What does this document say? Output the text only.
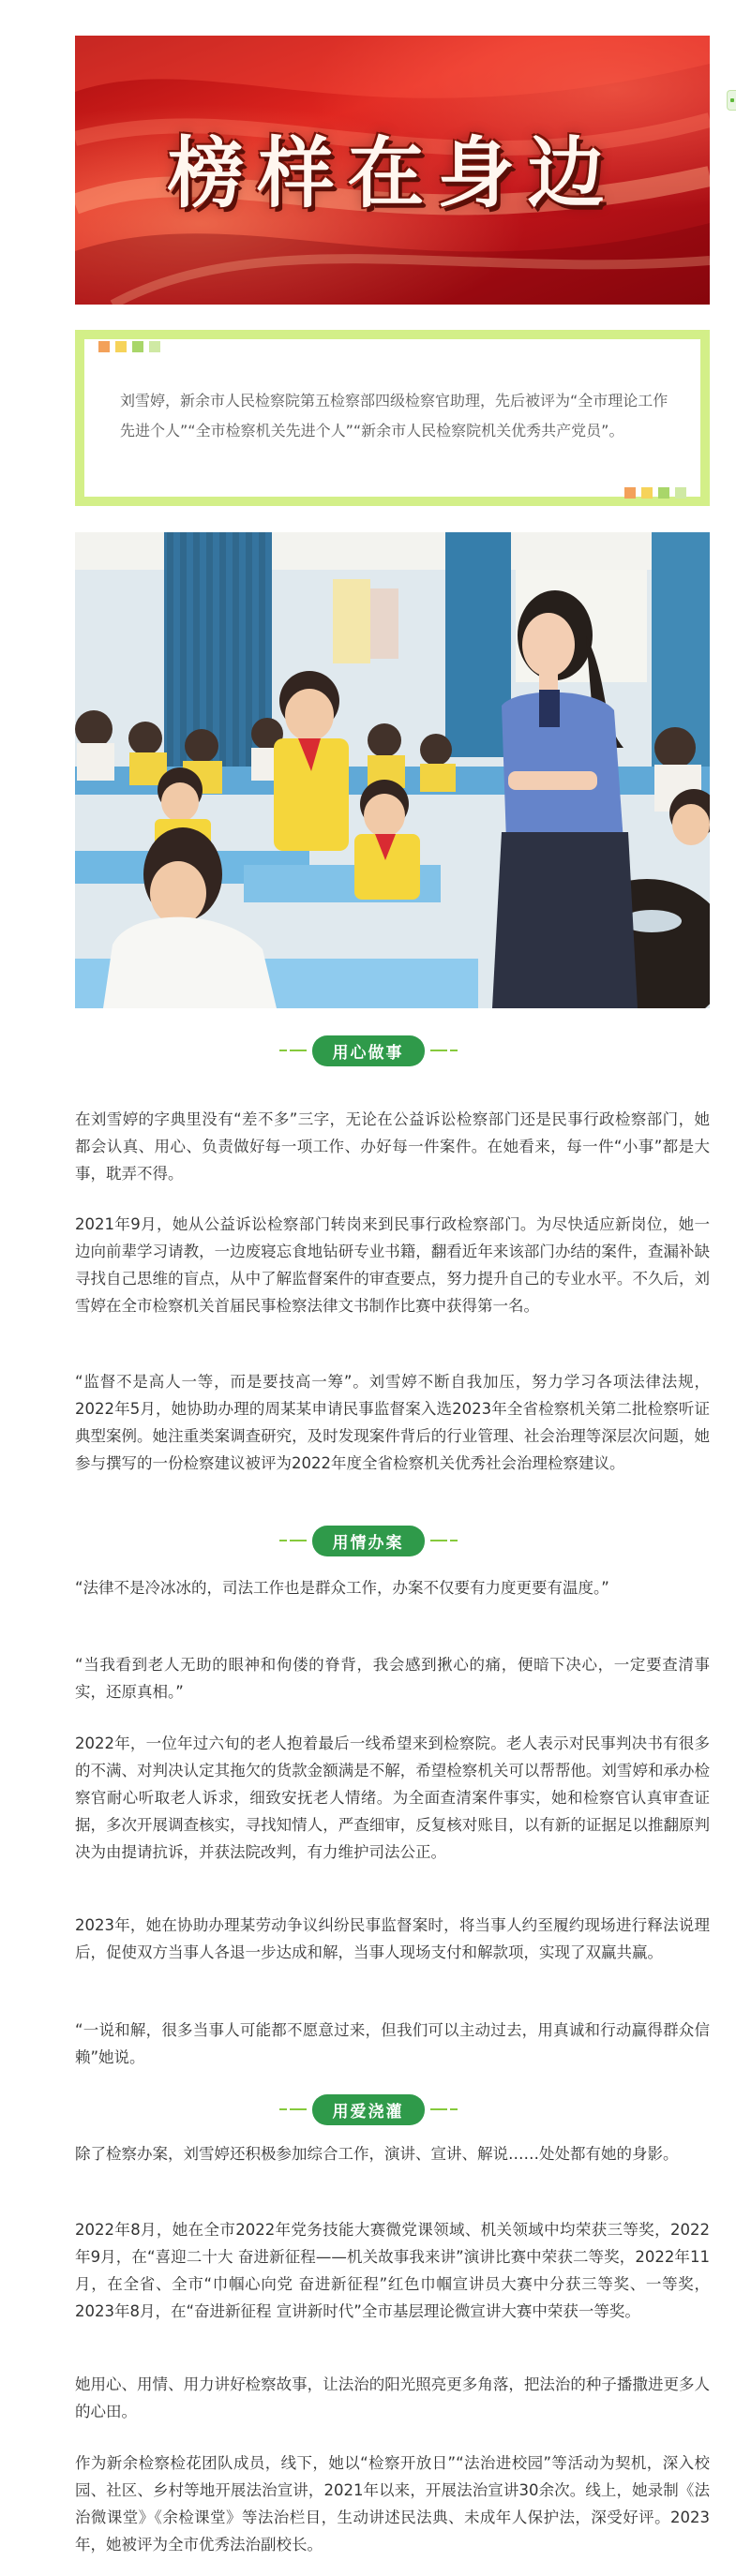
榜样在身边

刘雪婷，新余市人民检察院第五检察部四级检察官助理，先后被评为“全市理论工作先进个人”“全市检察机关先进个人”“新余市人民检察院机关优秀共产党员”。

用心做事

在刘雪婷的字典里没有“差不多”三字，无论在公益诉讼检察部门还是民事行政检察部门，她都会认真、用心、负责做好每一项工作、办好每一件案件。在她看来，每一件“小事”都是大事，耽弄不得。

2021年9月，她从公益诉讼检察部门转岗来到民事行政检察部门。为尽快适应新岗位，她一边向前辈学习请教，一边废寝忘食地钻研专业书籍，翻看近年来该部门办结的案件，查漏补缺寻找自己思维的盲点，从中了解监督案件的审查要点，努力提升自己的专业水平。不久后，刘雪婷在全市检察机关首届民事检察法律文书制作比赛中获得第一名。

“监督不是高人一等，而是要技高一筹”。刘雪婷不断自我加压，努力学习各项法律法规，2022年5月，她协助办理的周某某申请民事监督案入选2023年全省检察机关第二批检察听证典型案例。她注重类案调查研究，及时发现案件背后的行业管理、社会治理等深层次问题，她参与撰写的一份检察建议被评为2022年度全省检察机关优秀社会治理检察建议。

用情办案

“法律不是冷冰冰的，司法工作也是群众工作，办案不仅要有力度更要有温度。”

“当我看到老人无助的眼神和佝偻的脊背，我会感到揪心的痛，便暗下决心，一定要查清事实，还原真相。”

2022年，一位年过六旬的老人抱着最后一线希望来到检察院。老人表示对民事判决书有很多的不满、对判决认定其拖欠的货款金额满是不解，希望检察机关可以帮帮他。刘雪婷和承办检察官耐心听取老人诉求，细致安抚老人情绪。为全面查清案件事实，她和检察官认真审查证据，多次开展调查核实，寻找知情人，严查细审，反复核对账目，以有新的证据足以推翻原判决为由提请抗诉，并获法院改判，有力维护司法公正。

2023年，她在协助办理某劳动争议纠纷民事监督案时，将当事人约至履约现场进行释法说理后，促使双方当事人各退一步达成和解，当事人现场支付和解款项，实现了双赢共赢。

“一说和解，很多当事人可能都不愿意过来，但我们可以主动过去，用真诚和行动赢得群众信赖”她说。

用爱浇灌

除了检察办案，刘雪婷还积极参加综合工作，演讲、宣讲、解说……处处都有她的身影。

2022年8月，她在全市2022年党务技能大赛微党课领域、机关领域中均荣获三等奖，2022年9月，在“喜迎二十大 奋进新征程——机关故事我来讲”演讲比赛中荣获二等奖，2022年11月，在全省、全市“巾帼心向党 奋进新征程”红色巾帼宣讲员大赛中分获三等奖、一等奖，2023年8月，在“奋进新征程 宣讲新时代”全市基层理论微宣讲大赛中荣获一等奖。

她用心、用情、用力讲好检察故事，让法治的阳光照亮更多角落，把法治的种子播撒进更多人的心田。

作为新余检察检花团队成员，线下，她以“检察开放日”“法治进校园”等活动为契机，深入校园、社区、乡村等地开展法治宣讲，2021年以来，开展法治宣讲30余次。线上，她录制《法治微课堂》《余检课堂》等法治栏目，生动讲述民法典、未成年人保护法，深受好评。2023年，她被评为全市优秀法治副校长。
